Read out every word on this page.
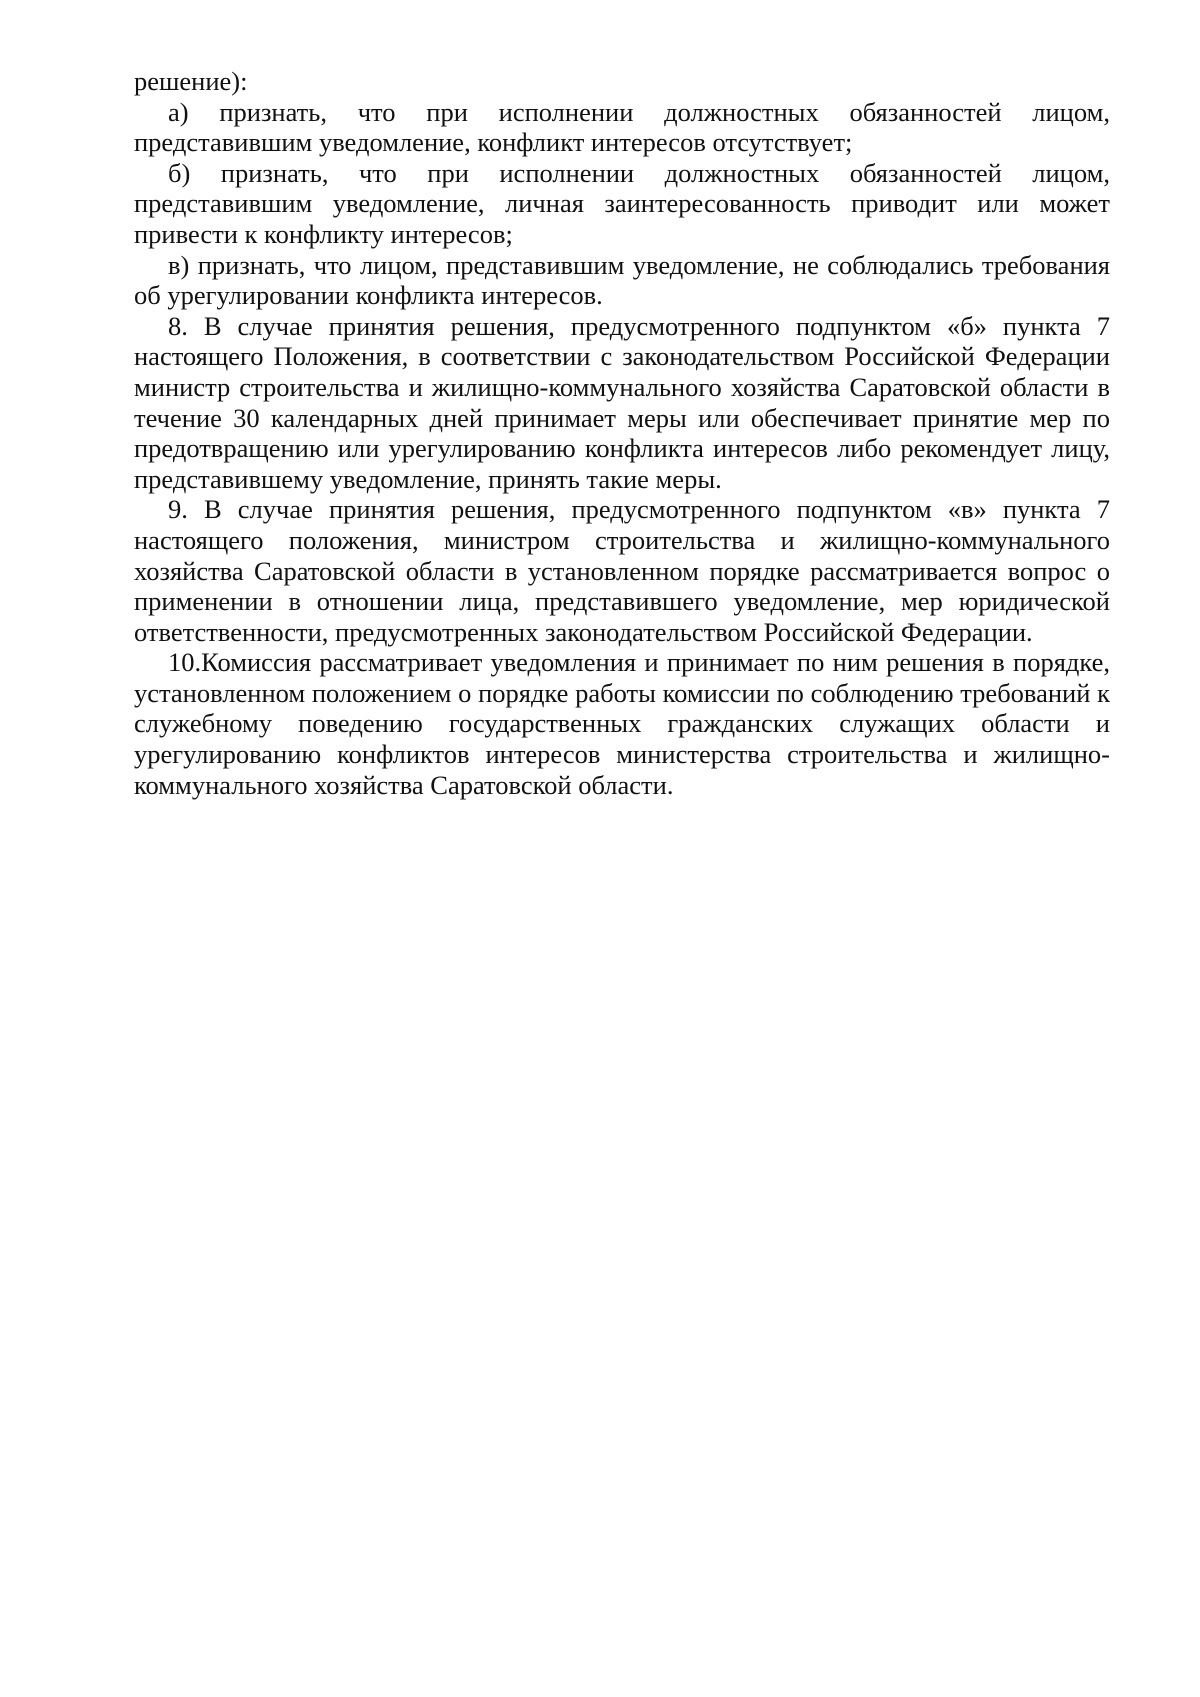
решение):

а) признать, что при исполнении должностных обязанностей лицом, представившим уведомление, конфликт интересов отсутствует;

б) признать, что при исполнении должностных обязанностей лицом, представившим уведомление, личная заинтересованность приводит или может привести к конфликту интересов;

в) признать, что лицом, представившим уведомление, не соблюдались требования об урегулировании конфликта интересов.

8. В случае принятия решения, предусмотренного подпунктом «б» пункта 7 настоящего Положения, в соответствии с законодательством Российской Федерации министр строительства и жилищно-коммунального хозяйства Саратовской области в течение 30 календарных дней принимает меры или обеспечивает принятие мер по предотвращению или урегулированию конфликта интересов либо рекомендует лицу, представившему уведомление, принять такие меры.

9. В случае принятия решения, предусмотренного подпунктом «в» пункта 7 настоящего положения, министром строительства и жилищно-коммунального хозяйства Саратовской области в установленном порядке рассматривается вопрос о применении в отношении лица, представившего уведомление, мер юридической ответственности, предусмотренных законодательством Российской Федерации.

10.Комиссия рассматривает уведомления и принимает по ним решения в порядке, установленном положением о порядке работы комиссии по соблюдению требований к служебному поведению государственных гражданских служащих области и урегулированию конфликтов интересов министерства строительства и жилищно-коммунального хозяйства Саратовской области.
